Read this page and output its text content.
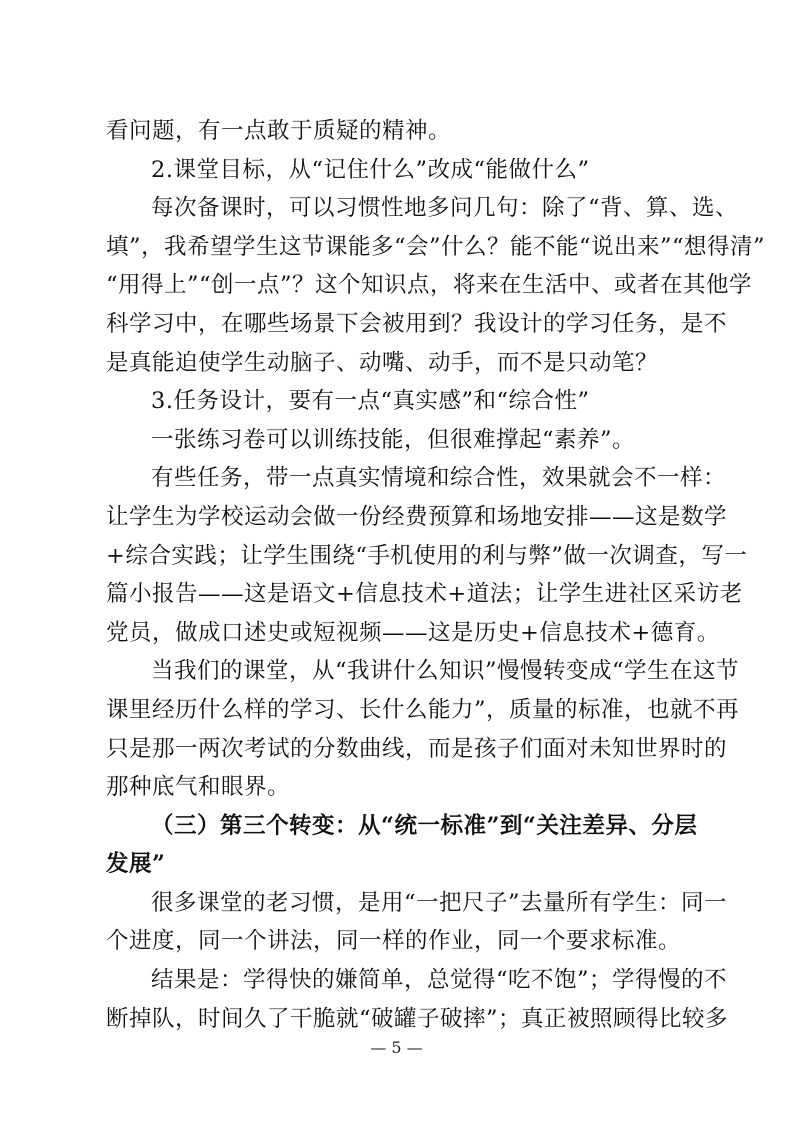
看问题，有一点敢于质疑的精神。
2.课堂目标，从“记住什么”改成“能做什么”
每次备课时，可以习惯性地多问几句：除了“背、算、选、
填”，我希望学生这节课能多“会”什么？能不能“说出来”“想得清”
“用得上”“创一点”？这个知识点，将来在生活中、或者在其他学
科学习中，在哪些场景下会被用到？我设计的学习任务，是不
是真能迫使学生动脑子、动嘴、动手，而不是只动笔？
3.任务设计，要有一点“真实感”和“综合性”
一张练习卷可以训练技能，但很难撑起“素养”。
有些任务，带一点真实情境和综合性，效果就会不一样：
让学生为学校运动会做一份经费预算和场地安排——这是数学
+综合实践；让学生围绕“手机使用的利与弊”做一次调查，写一
篇小报告——这是语文+信息技术+道法；让学生进社区采访老
党员，做成口述史或短视频——这是历史+信息技术+德育。
当我们的课堂，从“我讲什么知识”慢慢转变成“学生在这节
课里经历什么样的学习、长什么能力”，质量的标准，也就不再
只是那一两次考试的分数曲线，而是孩子们面对未知世界时的
那种底气和眼界。
（三）第三个转变：从“统一标准”到“关注差异、分层
发展”
很多课堂的老习惯，是用“一把尺子”去量所有学生：同一
个进度，同一个讲法，同一样的作业，同一个要求标准。
结果是：学得快的嫌简单，总觉得“吃不饱”；学得慢的不
断掉队，时间久了干脆就“破罐子破摔”；真正被照顾得比较多
— 5 —
